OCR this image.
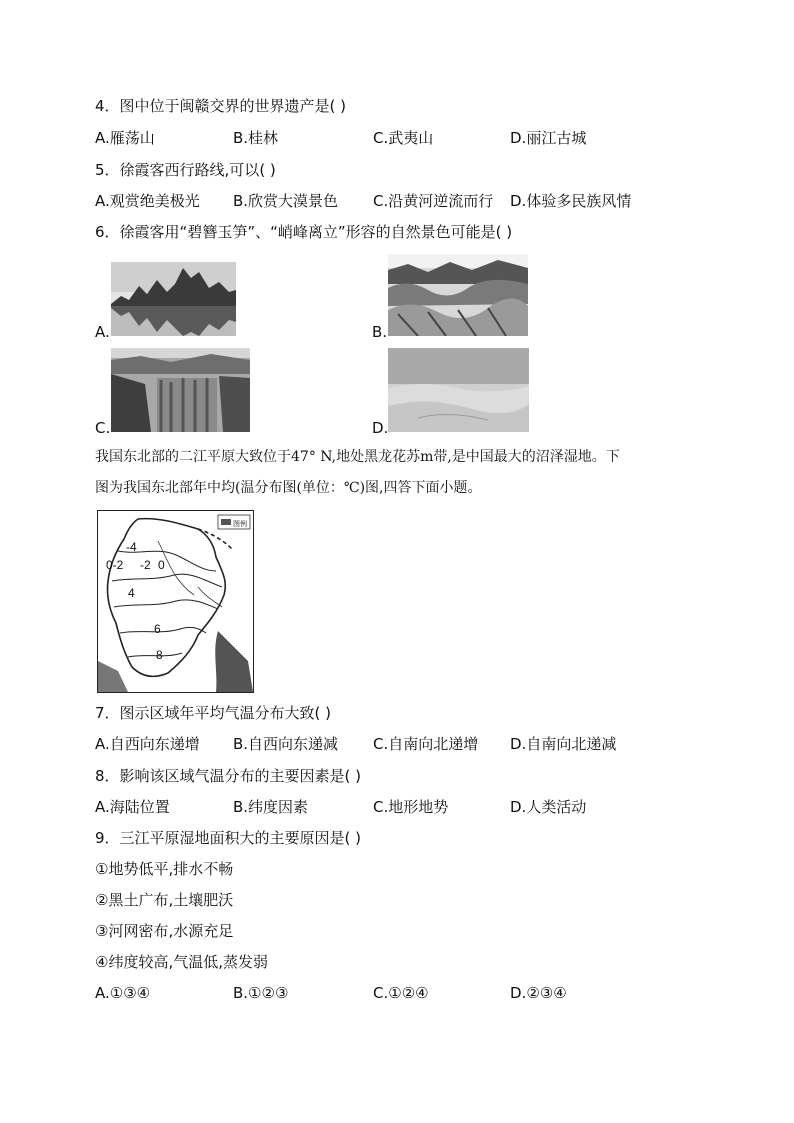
4．图中位于闽赣交界的世界遗产是( )
A.雁荡山	B.桂林	C.武夷山	D.丽江古城
5．徐霞客西行路线,可以( )
A.观赏绝美极光 B.欣赏大漠景色 C.沿黄河逆流而行 D.体验多民族风情
6．徐霞客用“碧簪玉笋”、“峭峰离立”形容的自然景色可能是( )
A.	B.
C.	D.
我国东北部的二江平原大致位于47° N,地处黑龙花苏m带,是中国最大的沼泽湿地。下
图为我国东北部年中均(温分布图(单位：℃)图,四答下面小题。
-4
0-2 -2 0
4
6
8
图例
7．图示区域年平均气温分布大致( )
A.自西向东递增 B.自西向东递减 C.自南向北递增 D.自南向北递减
8．影响该区域气温分布的主要因素是( )
A.海陆位置	B.纬度因素	C.地形地势	D.人类活动
9．三江平原湿地面积大的主要原因是( )
①地势低平,排水不畅
②黑土广布,土壤肥沃
③河网密布,水源充足
④纬度较高,气温低,蒸发弱
A.①③④	B.①②③	C.①②④	D.②③④
